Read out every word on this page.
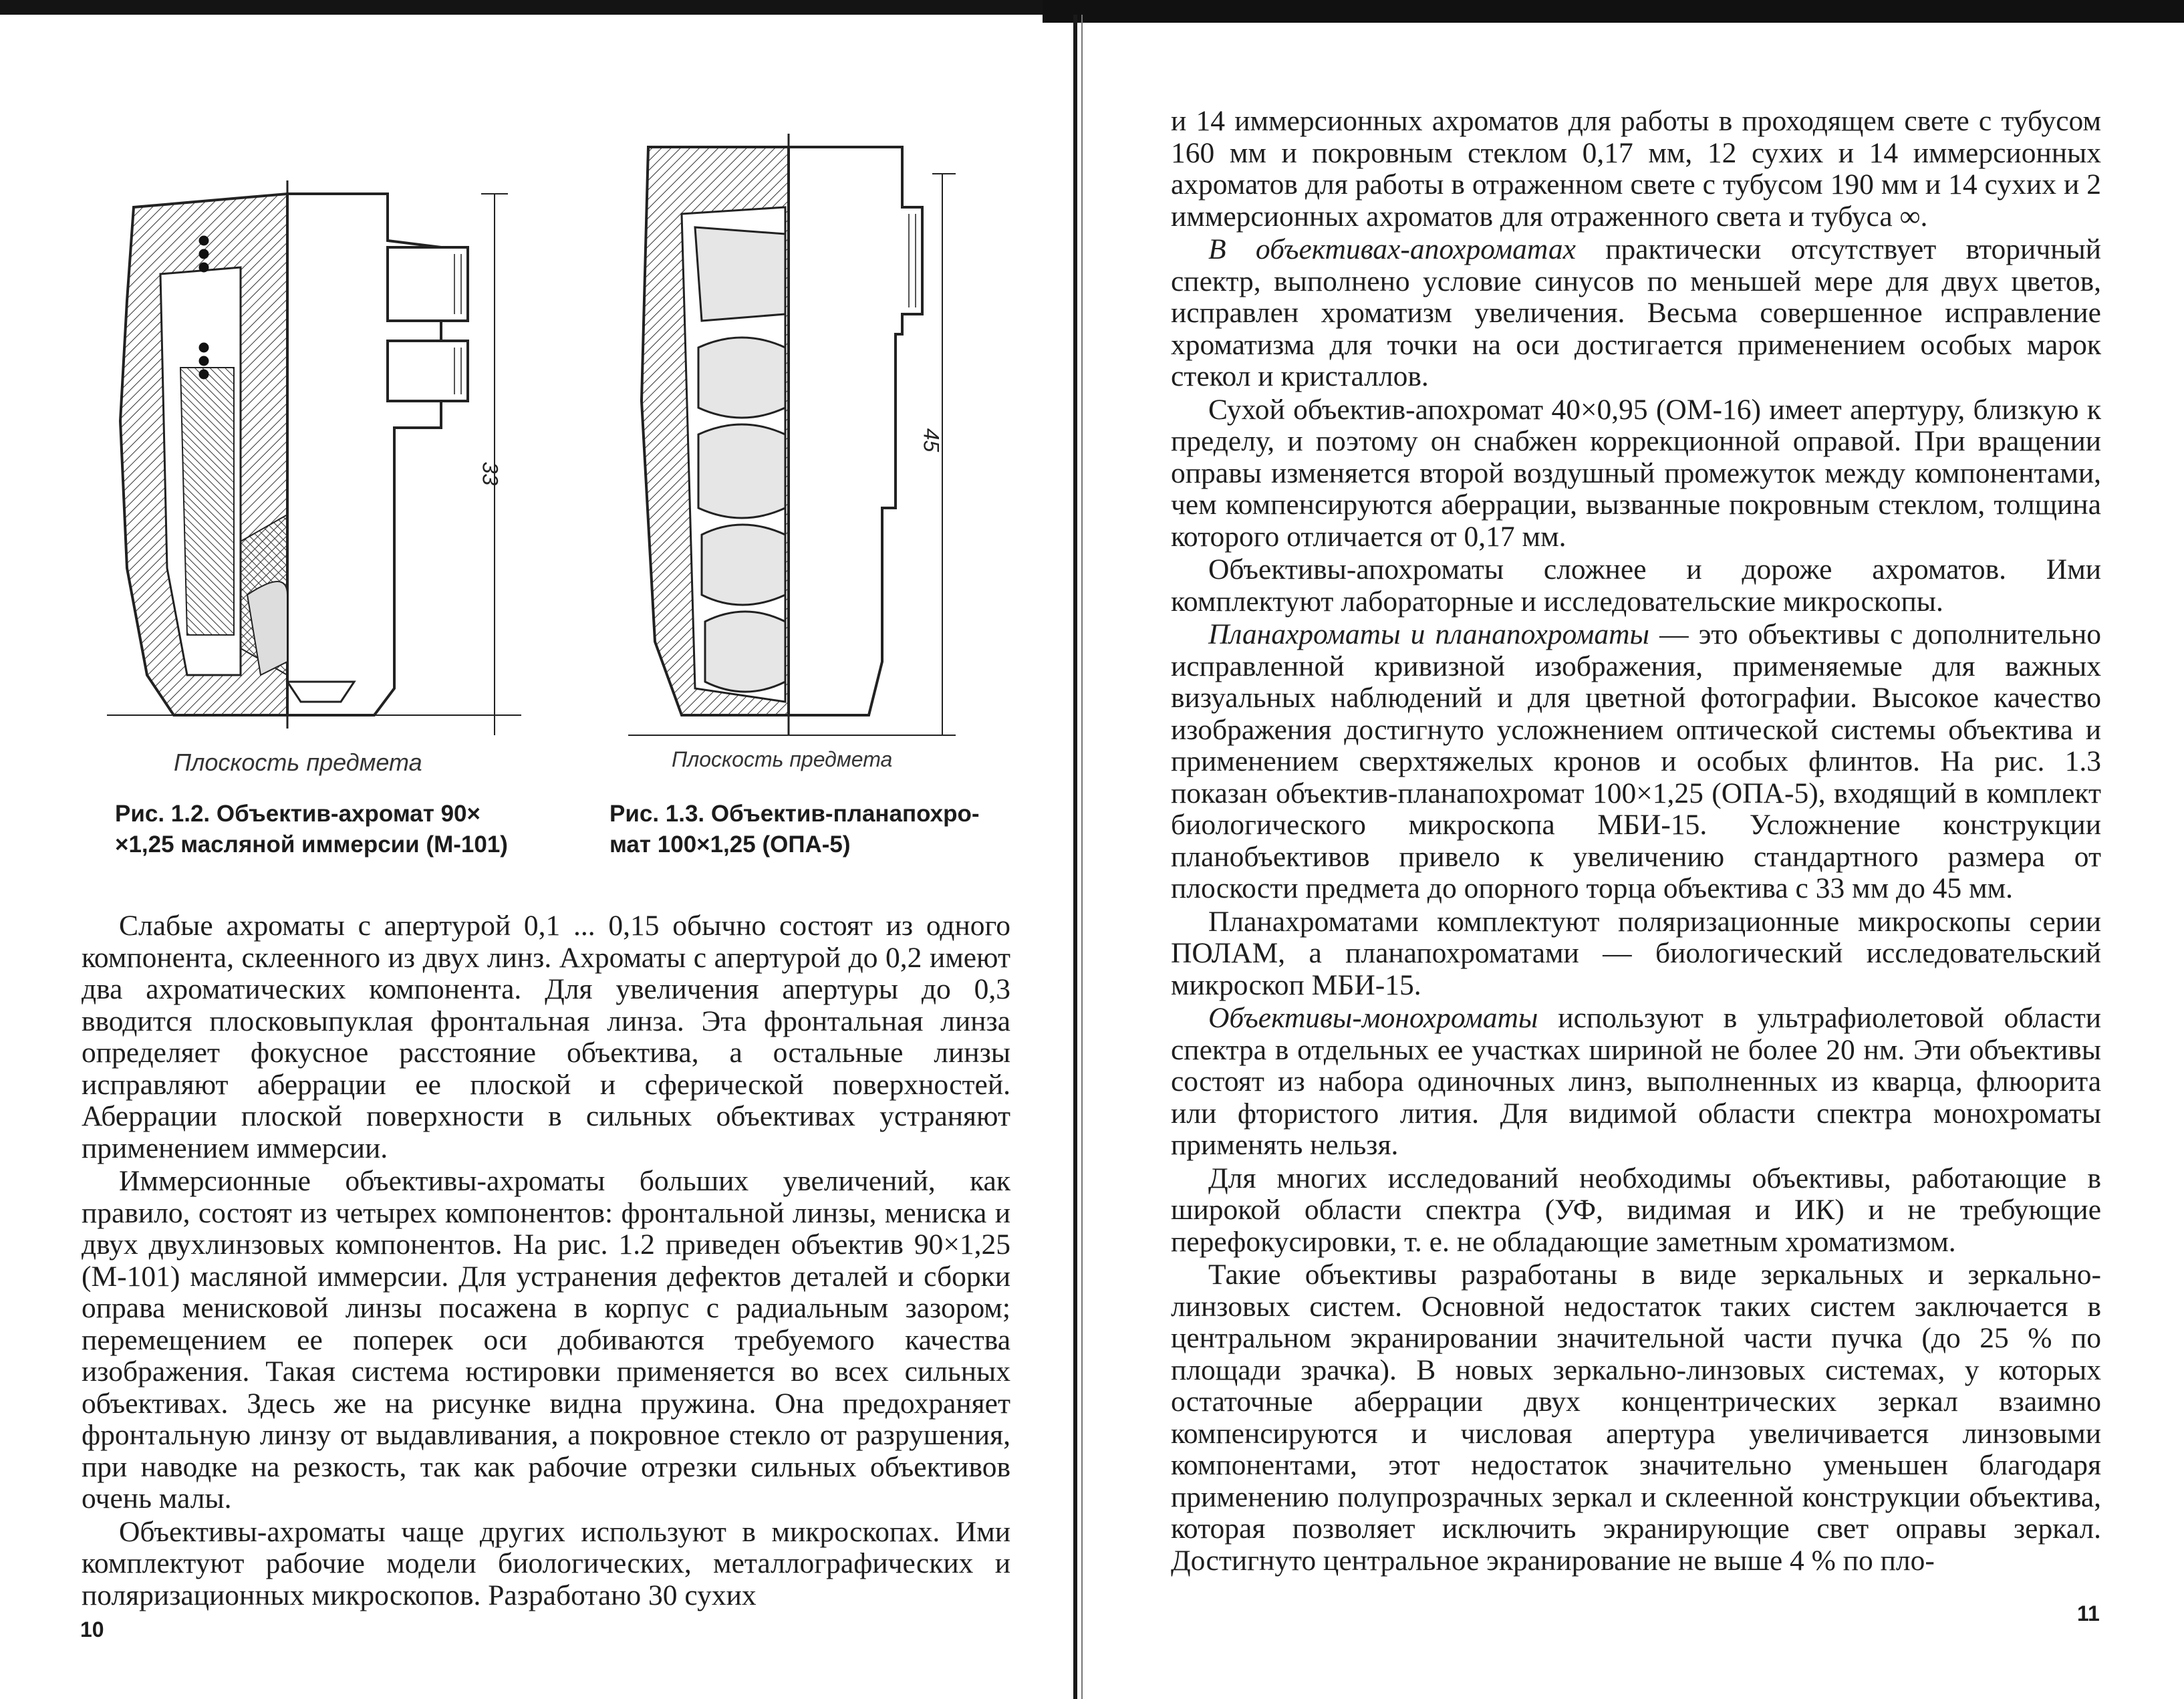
33
Плоскость предмета
Рис. 1.2. Объектив-ахромат 90×
×1,25 масляной иммерсии (М-101)
45
Плоскость предмета
Рис. 1.3. Объектив-планапохро-
мат 100×1,25 (ОПА-5)

Слабые ахроматы с апертурой 0,1 ... 0,15 обычно состоят из одного компонента, склеенного из двух линз. Ахроматы с апертурой до 0,2 имеют два ахроматических компонента. Для увеличения апертуры до 0,3 вводится плосковыпуклая фронтальная линза. Эта фронтальная линза определяет фокусное расстояние объектива, а остальные линзы исправляют аберрации ее плоской и сферической поверхностей. Аберрации плоской поверхности в сильных объективах устраняют применением иммерсии.

Иммерсионные объективы-ахроматы больших увеличений, как правило, состоят из четырех компонентов: фронтальной линзы, мениска и двух двухлинзовых компонентов. На рис. 1.2 приведен объектив 90×1,25 (М-101) масляной иммерсии. Для устранения дефектов деталей и сборки оправа менисковой линзы посажена в корпус с радиальным зазором; перемещением ее поперек оси добиваются требуемого качества изображения. Такая система юстировки применяется во всех сильных объективах. Здесь же на рисунке видна пружина. Она предохраняет фронтальную линзу от выдавливания, а покровное стекло от разрушения, при наводке на резкость, так как рабочие отрезки сильных объективов очень малы.

Объективы-ахроматы чаще других используют в микроскопах. Ими комплектуют рабочие модели биологических, металлографических и поляризационных микроскопов. Разработано 30 сухих

10

и 14 иммерсионных ахроматов для работы в проходящем свете с тубусом 160 мм и покровным стеклом 0,17 мм, 12 сухих и 14 иммерсионных ахроматов для работы в отраженном свете с тубусом 190 мм и 14 сухих и 2 иммерсионных ахроматов для отраженного света и тубуса ∞.

В объективах-апохроматах практически отсутствует вторичный спектр, выполнено условие синусов по меньшей мере для двух цветов, исправлен хроматизм увеличения. Весьма совершенное исправление хроматизма для точки на оси достигается применением особых марок стекол и кристаллов.

Сухой объектив-апохромат 40×0,95 (ОМ-16) имеет апертуру, близкую к пределу, и поэтому он снабжен коррекционной оправой. При вращении оправы изменяется второй воздушный промежуток между компонентами, чем компенсируются аберрации, вызванные покровным стеклом, толщина которого отличается от 0,17 мм.

Объективы-апохроматы сложнее и дороже ахроматов. Ими комплектуют лабораторные и исследовательские микроскопы.

Планахроматы и планапохроматы — это объективы с дополнительно исправленной кривизной изображения, применяемые для важных визуальных наблюдений и для цветной фотографии. Высокое качество изображения достигнуто усложнением оптической системы объектива и применением сверхтяжелых кронов и особых флинтов. На рис. 1.3 показан объектив-планапохромат 100×1,25 (ОПА-5), входящий в комплект биологического микроскопа МБИ-15. Усложнение конструкции планобъективов привело к увеличению стандартного размера от плоскости предмета до опорного торца объектива с 33 мм до 45 мм.

Планахроматами комплектуют поляризационные микроскопы серии ПОЛАМ, а планапохроматами — биологический исследовательский микроскоп МБИ-15.

Объективы-монохроматы используют в ультрафиолетовой области спектра в отдельных ее участках шириной не более 20 нм. Эти объективы состоят из набора одиночных линз, выполненных из кварца, флюорита или фтористого лития. Для видимой области спектра монохроматы применять нельзя.

Для многих исследований необходимы объективы, работающие в широкой области спектра (УФ, видимая и ИК) и не требующие перефокусировки, т. е. не обладающие заметным хроматизмом.

Такие объективы разработаны в виде зеркальных и зеркально-линзовых систем. Основной недостаток таких систем заключается в центральном экранировании значительной части пучка (до 25 % по площади зрачка). В новых зеркально-линзовых системах, у которых остаточные аберрации двух концентрических зеркал взаимно компенсируются и числовая апертура увеличивается линзовыми компонентами, этот недостаток значительно уменьшен благодаря применению полупрозрачных зеркал и склеенной конструкции объектива, которая позволяет исключить экранирующие свет оправы зеркал. Достигнуто центральное экранирование не выше 4 % по пло-

11
